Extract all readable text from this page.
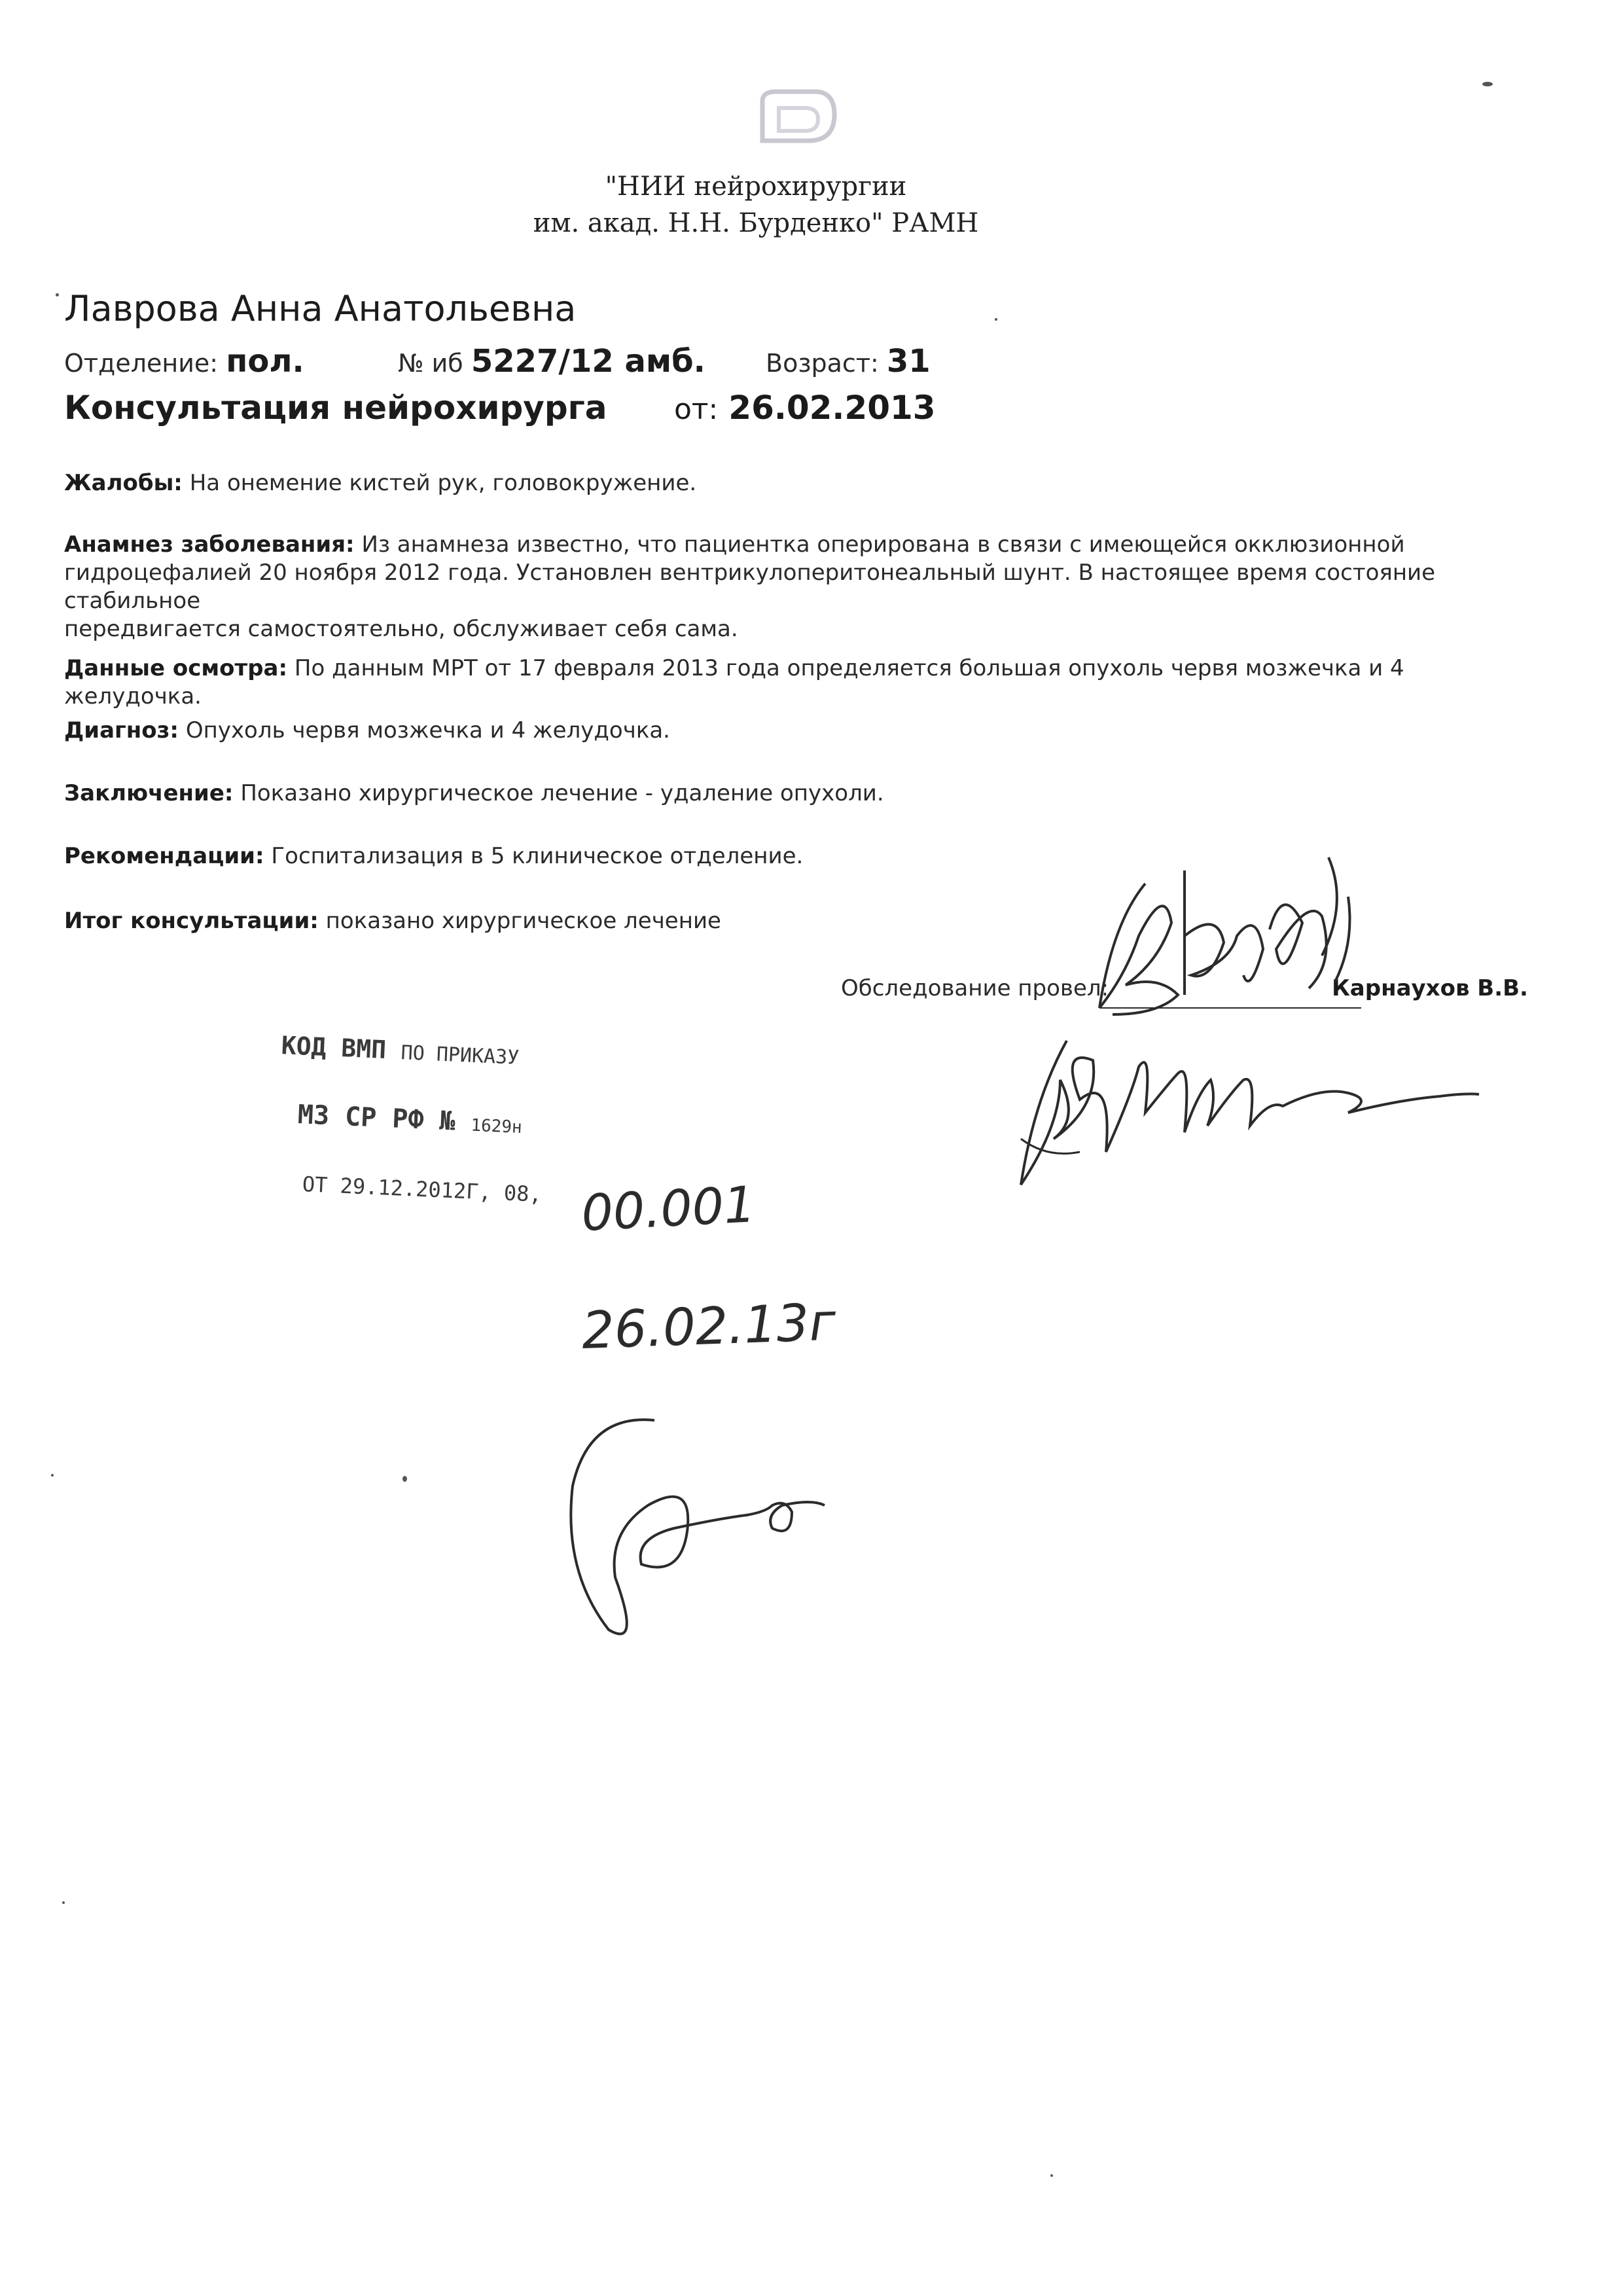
"НИИ нейрохирургии
им. акад. Н.Н. Бурденко" РАМН
Лаврова Анна Анатольевна
Отделение: пол.	№ иб 5227/12 амб. Возраст: 31
Консультация нейрохирурга от: 26.02.2013
Жалобы: На онемение кистей рук, головокружение.
Анамнез заболевания: Из анамнеза известно, что пациентка оперирована в связи с имеющейся окклюзионной
гидроцефалией 20 ноября 2012 года. Установлен вентрикулоперитонеальный шунт. В настоящее время состояние стабильное
передвигается самостоятельно, обслуживает себя сама.
Данные осмотра: По данным МРТ от 17 февраля 2013 года определяется большая опухоль червя мозжечка и 4 желудочка.
Диагноз: Опухоль червя мозжечка и 4 желудочка.
Заключение: Показано хирургическое лечение - удаление опухоли.
Рекомендации: Госпитализация в 5 клиническое отделение.
Итог консультации: показано хирургическое лечение
Обследование провел:	Карнаухов В.В.
КОД ВМП ПО ПРИКАЗУ
МЗ СР РФ № 1629н
ОТ 29.12.2012Г, 08, 00.001
26.02.13г
